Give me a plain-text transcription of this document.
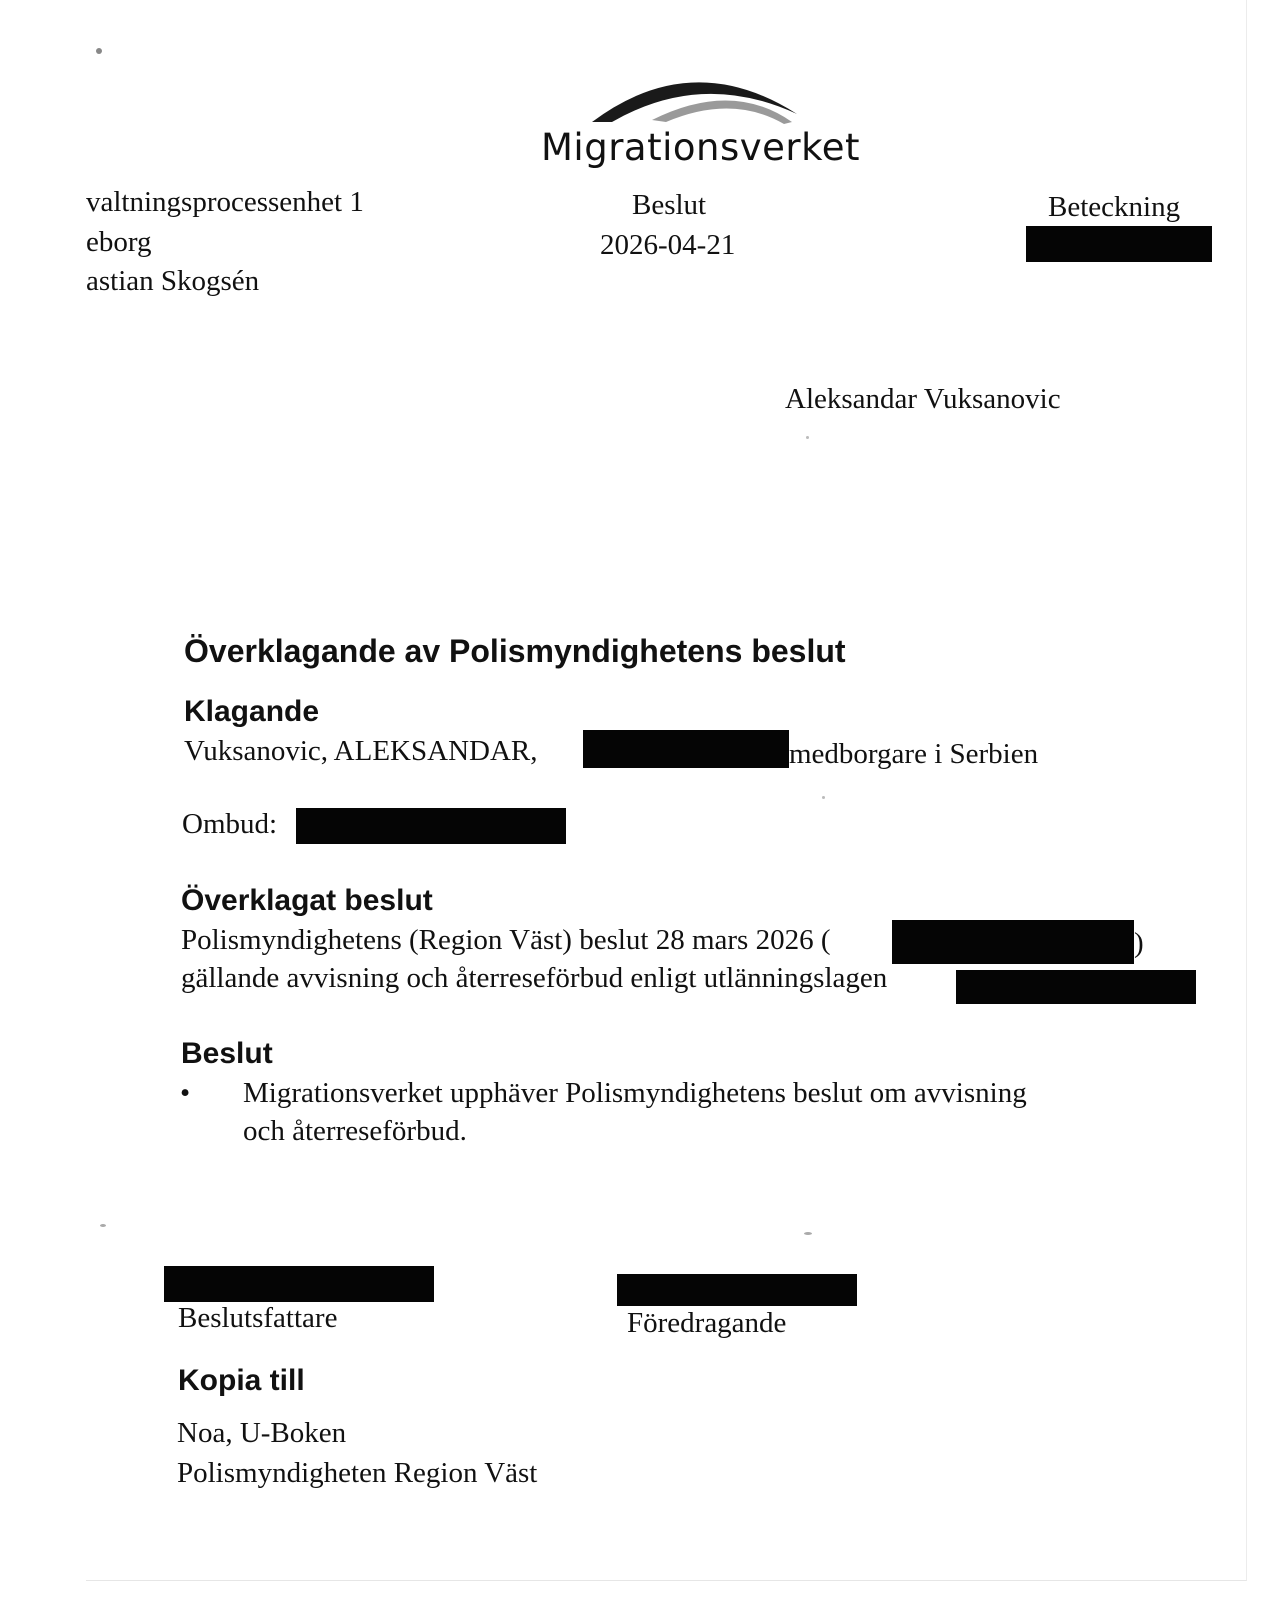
Migrationsverket
valtningsprocessenhet 1
eborg
astian Skogsén
Beslut
2026-04-21
Beteckning
Aleksandar Vuksanovic
Överklagande av Polismyndighetens beslut
Klagande
Vuksanovic, ALEKSANDAR,	medborgare i Serbien
Ombud:
Överklagat beslut
Polismyndighetens (Region Väst) beslut 28 mars 2026 (	)
gällande avvisning och återreseförbud enligt utlänningslagen
Beslut
• Migrationsverket upphäver Polismyndighetens beslut om avvisning
och återreseförbud.
Beslutsfattare	Föredragande
Kopia till
Noa, U-Boken
Polismyndigheten Region Väst
